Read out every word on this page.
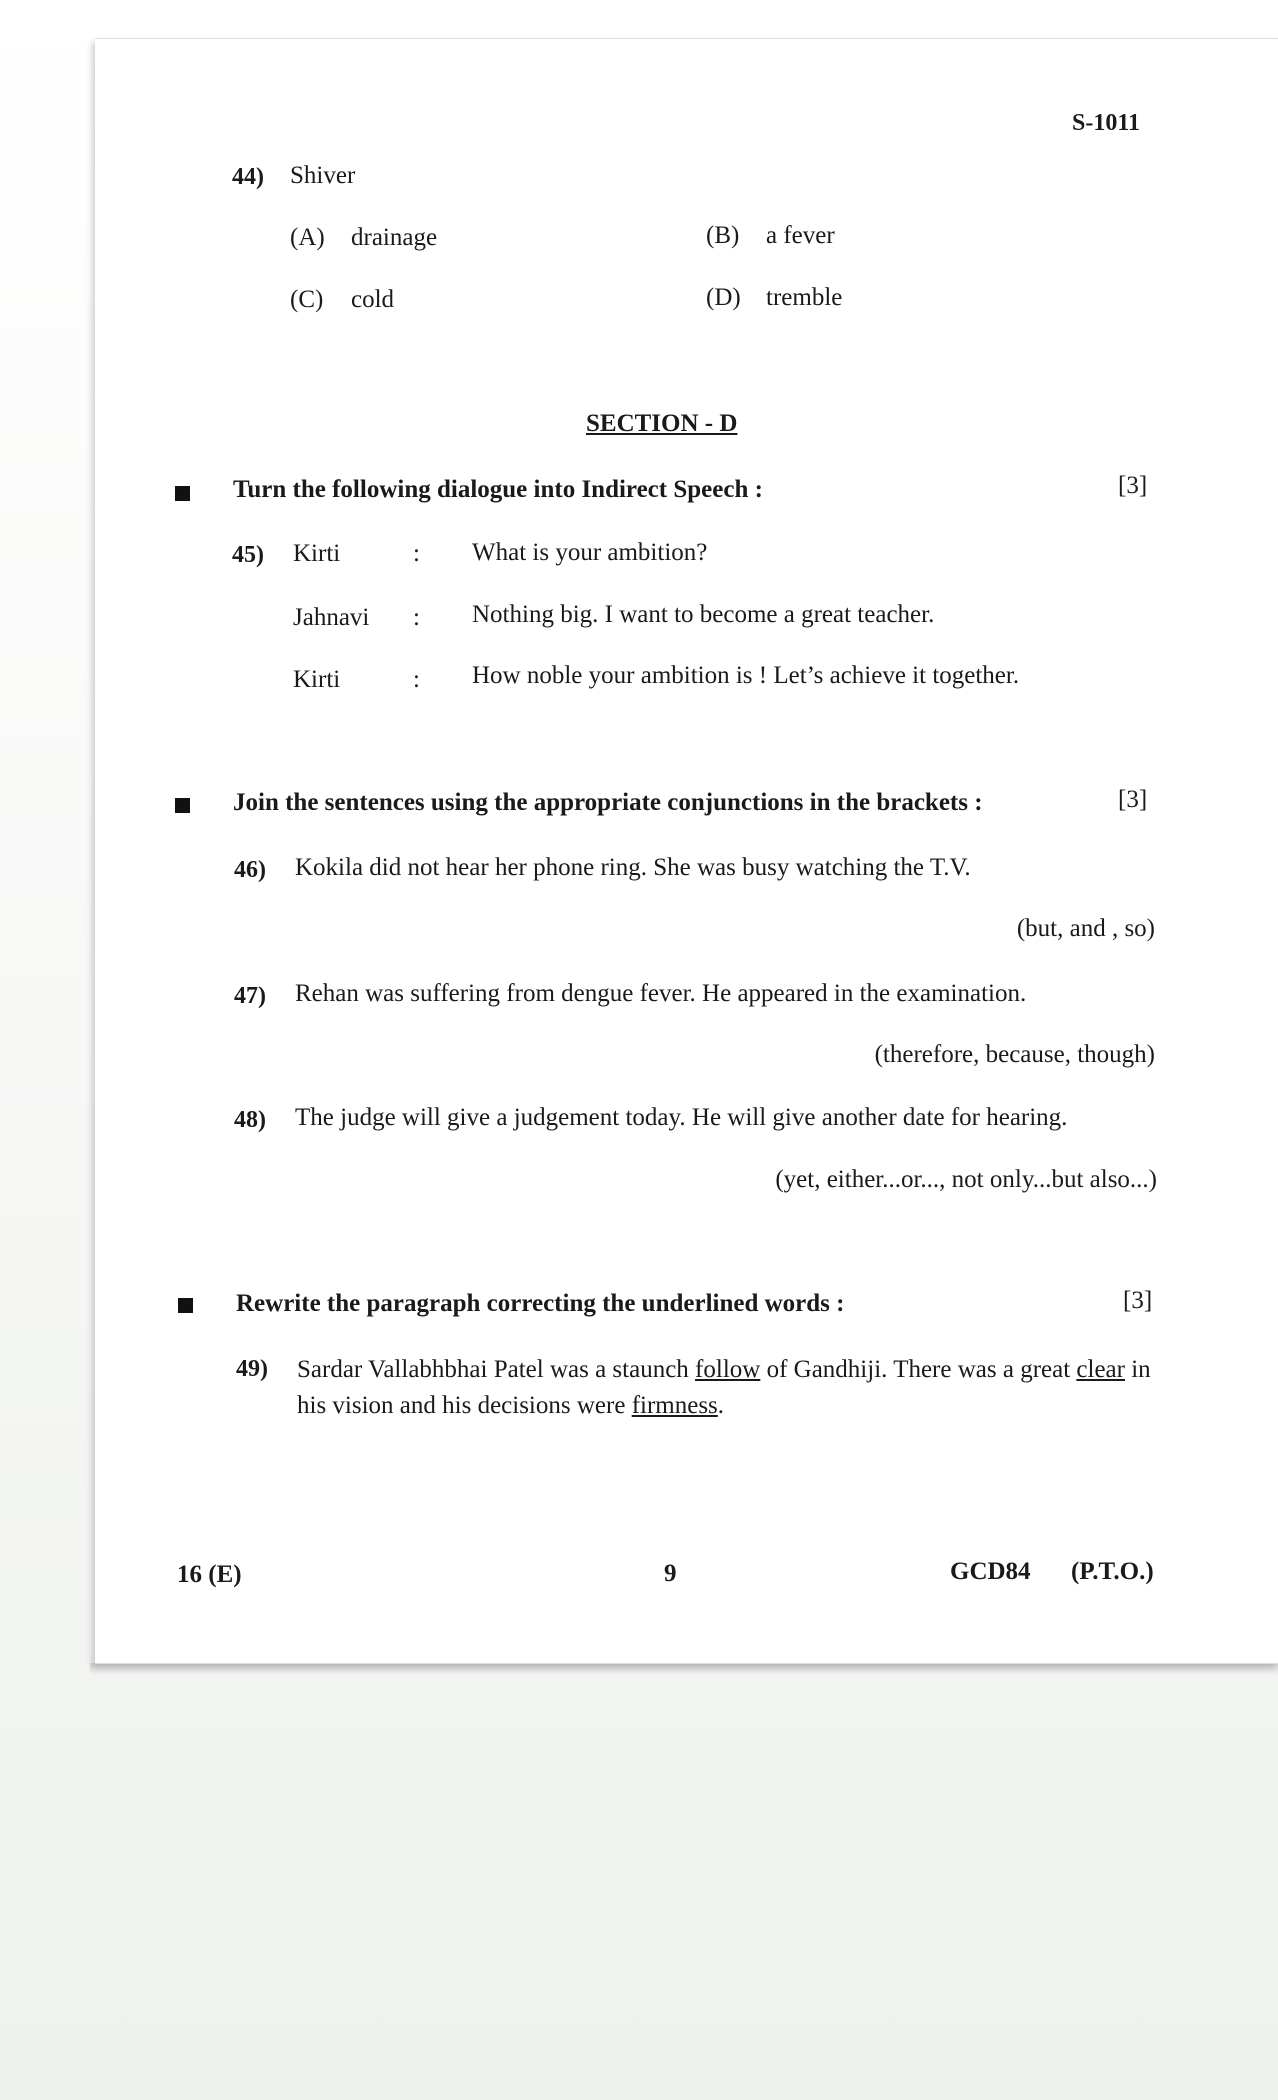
S-1011
44) Shiver
(A) drainage	(B) a fever
(C) cold	(D) tremble
SECTION - D
Turn the following dialogue into Indirect Speech :	[3]
45) Kirti	: What is your ambition?
Jahnavi : Nothing big. I want to become a great teacher.
Kirti	: How noble your ambition is ! Let’s achieve it together.
Join the sentences using the appropriate conjunctions in the brackets :	[3]
46) Kokila did not hear her phone ring. She was busy watching the T.V.
(but, and , so)
47) Rehan was suffering from dengue fever. He appeared in the examination.
(therefore, because, though)
48) The judge will give a judgement today. He will give another date for hearing.
(yet, either...or..., not only...but also...)
Rewrite the paragraph correcting the underlined words :	[3]
49) Sardar Vallabhbhai Patel was a staunch follow of Gandhiji. There was a great clear in his vision and his decisions were firmness.
16 (E)	9	GCD84 (P.T.O.)
